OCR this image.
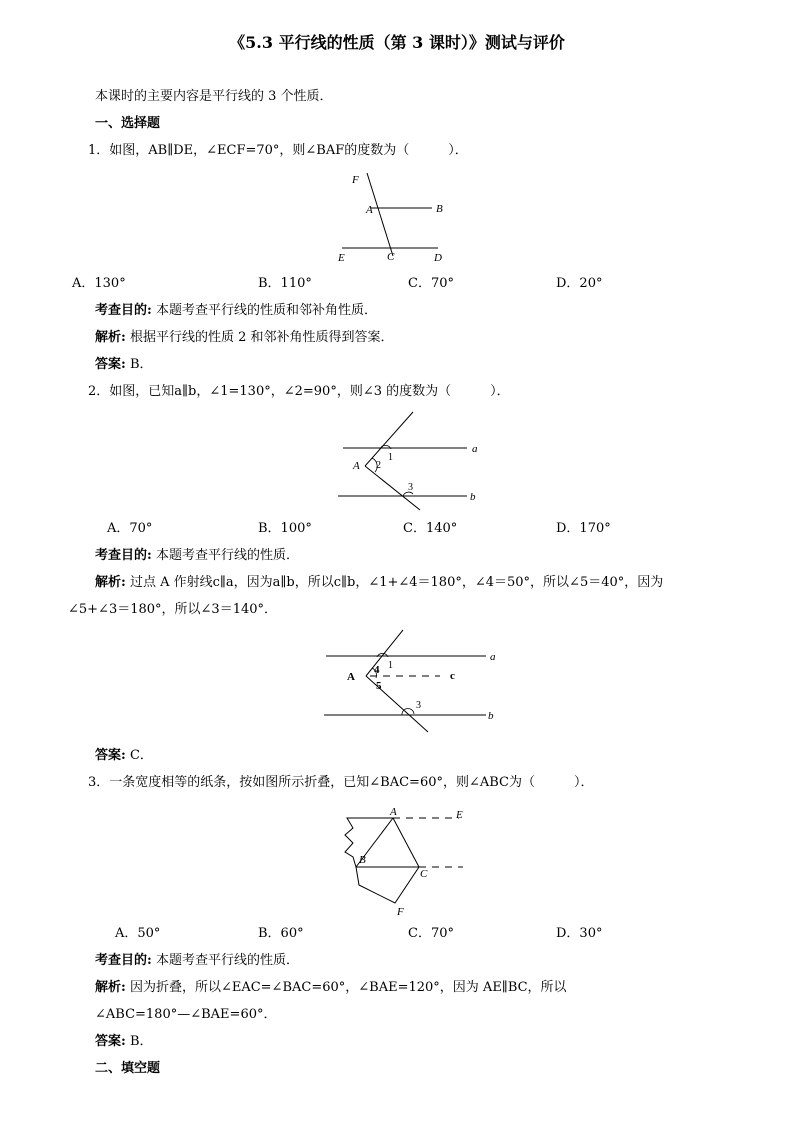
《5.3 平行线的性质（第 3 课时）》测试与评价
本课时的主要内容是平行线的 3 个性质．
一、选择题
1．如图，AB∥DE，∠ECF=70°，则∠BAF的度数为（　　　）．
F
A	B
E	C	D
A．130°	B．110°	C．70°	D．20°
考查目的: 本题考查平行线的性质和邻补角性质．
解析: 根据平行线的性质 2 和邻补角性质得到答案．
答案: B．
2．如图，已知a∥b，∠1=130°，∠2=90°，则∠3 的度数为（　　　）．
a
b
A
1
2
3
A．70°	B．100°	C．140°	D．170°
考查目的: 本题考查平行线的性质．
解析: 过点 A 作射线c∥a，因为a∥b，所以c∥b，∠1+∠4＝180°，∠4＝50°，所以∠5＝40°，因为
∠5+∠3＝180°，所以∠3＝140°．
a
b
c
A
1
4
5
3
答案: C．
3．一条宽度相等的纸条，按如图所示折叠，已知∠BAC=60°，则∠ABC为（　　　）．
A	E
B
C
F
A．50°	B．60°	C．70°	D．30°
考查目的: 本题考查平行线的性质．
解析: 因为折叠，所以∠EAC=∠BAC=60°，∠BAE=120°，因为 AE∥BC，所以
∠ABC=180°—∠BAE=60°．
答案: B．
二、填空题
